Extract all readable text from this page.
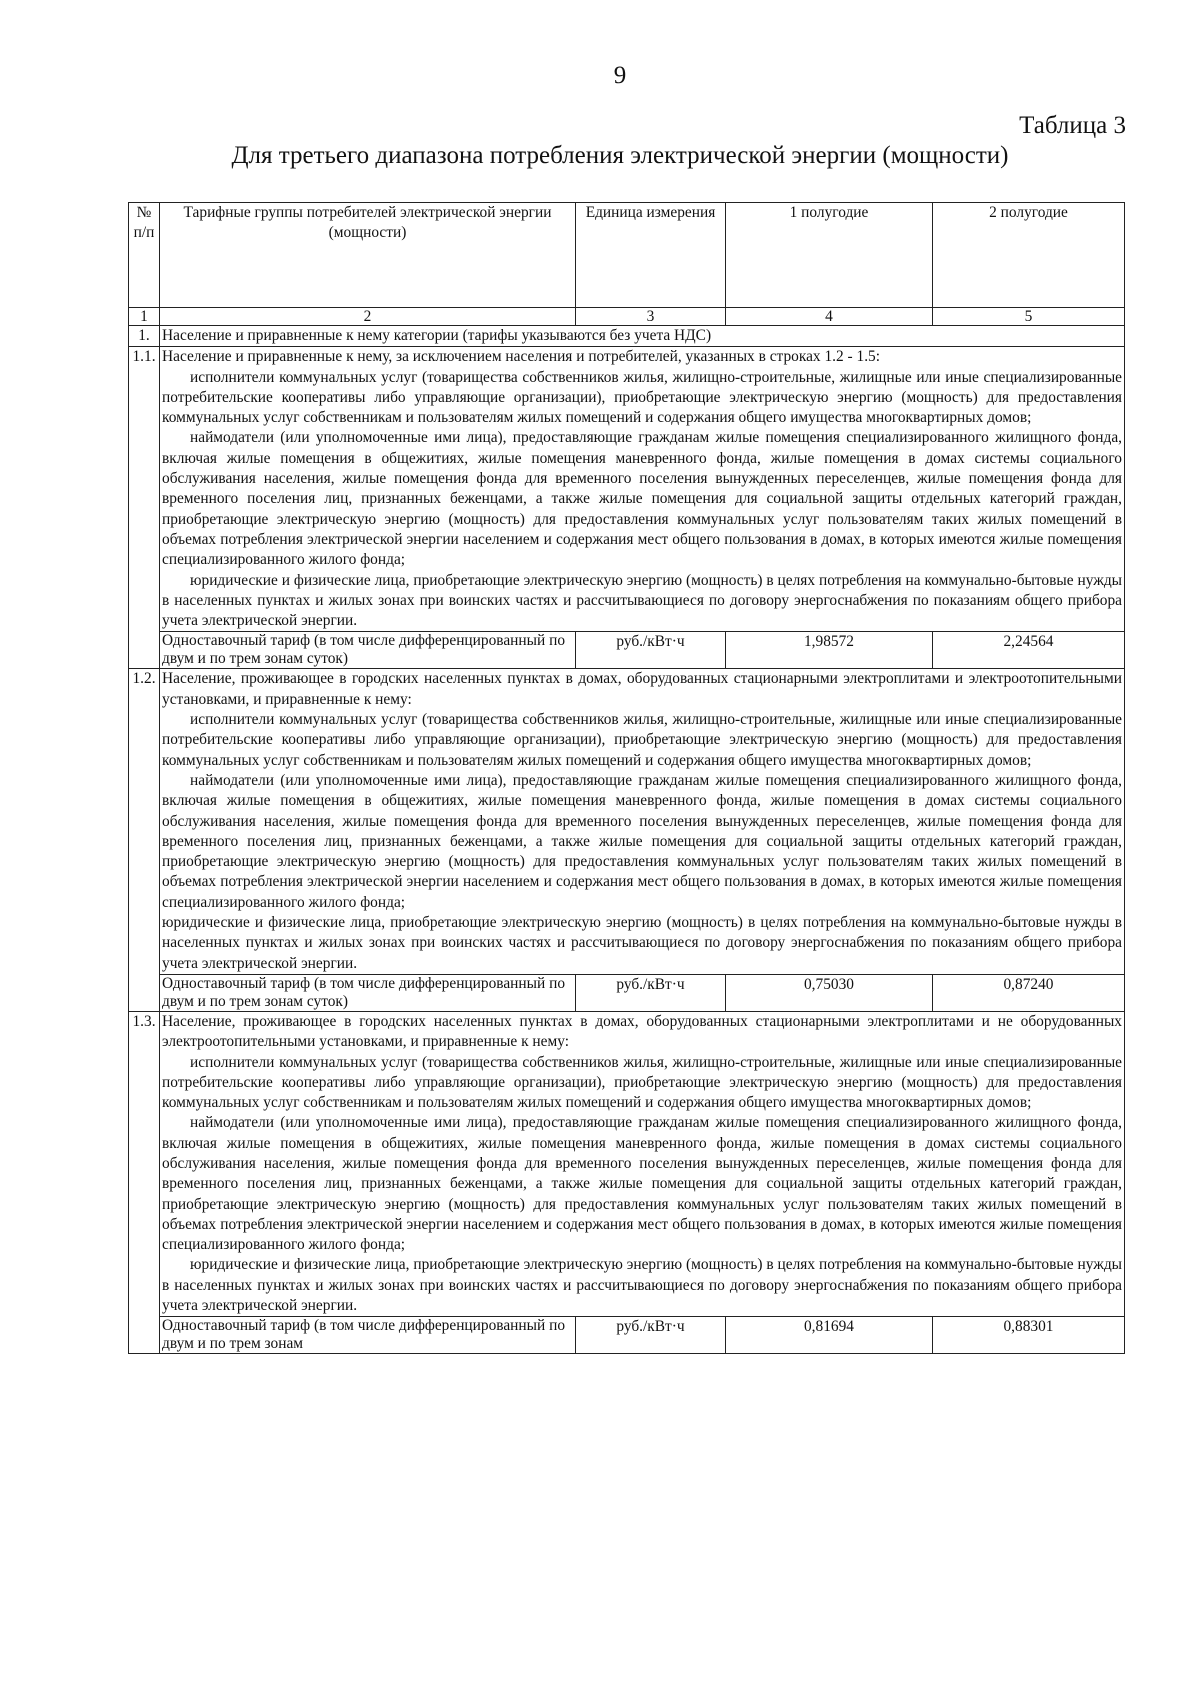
9
Таблица 3
Для третьего диапазона потребления электрической энергии (мощности)
№ п/п	Тарифные группы потребителей электрической энергии (мощности)	Единица измерения	1 полугодие	2 полугодие
1	2	3	4	5
1.	Население и приравненные к нему категории (тарифы указываются без учета НДС)			
1.1.	Население и приравненные к нему, за исключением населения и потребителей, указанных в строках 1.2 - 1.5:

исполнители коммунальных услуг (товарищества собственников жилья, жилищно-строительные, жилищные или иные специализированные потребительские кооперативы либо управляющие организации), приобретающие электрическую энергию (мощность) для предоставления коммунальных услуг собственникам и пользователям жилых помещений и содержания общего имущества многоквартирных домов;

наймодатели (или уполномоченные ими лица), предоставляющие гражданам жилые помещения специализированного жилищного фонда, включая жилые помещения в общежитиях, жилые помещения маневренного фонда, жилые помещения в домах системы социального обслуживания населения, жилые помещения фонда для временного поселения вынужденных переселенцев, жилые помещения фонда для временного поселения лиц, признанных беженцами, а также жилые помещения для социальной защиты отдельных категорий граждан, приобретающие электрическую энергию (мощность) для предоставления коммунальных услуг пользователям таких жилых помещений в объемах потребления электрической энергии населением и содержания мест общего пользования в домах, в которых имеются жилые помещения специализированного жилого фонда;

юридические и физические лица, приобретающие электрическую энергию (мощность) в целях потребления на коммунально-бытовые нужды в населенных пунктах и жилых зонах при воинских частях и рассчитывающиеся по договору энергоснабжения по показаниям общего прибора учета электрической энергии.			

	Одноставочный тариф (в том числе дифференцированный по двум и по трем зонам суток)	руб./кВт·ч	1,98572	2,24564
1.2.	Население, проживающее в городских населенных пунктах в домах, оборудованных стационарными электроплитами и электроотопительными установками, и приравненные к нему:

исполнители коммунальных услуг (товарищества собственников жилья, жилищно-строительные, жилищные или иные специализированные потребительские кооперативы либо управляющие организации), приобретающие электрическую энергию (мощность) для предоставления коммунальных услуг собственникам и пользователям жилых помещений и содержания общего имущества многоквартирных домов;

наймодатели (или уполномоченные ими лица), предоставляющие гражданам жилые помещения специализированного жилищного фонда, включая жилые помещения в общежитиях, жилые помещения маневренного фонда, жилые помещения в домах системы социального обслуживания населения, жилые помещения фонда для временного поселения вынужденных переселенцев, жилые помещения фонда для временного поселения лиц, признанных беженцами, а также жилые помещения для социальной защиты отдельных категорий граждан, приобретающие электрическую энергию (мощность) для предоставления коммунальных услуг пользователям таких жилых помещений в объемах потребления электрической энергии населением и содержания мест общего пользования в домах, в которых имеются жилые помещения специализированного жилого фонда;

юридические и физические лица, приобретающие электрическую энергию (мощность) в целях потребления на коммунально-бытовые нужды в населенных пунктах и жилых зонах при воинских частях и рассчитывающиеся по договору энергоснабжения по показаниям общего прибора учета электрической энергии.			

	Одноставочный тариф (в том числе дифференцированный по двум и по трем зонам суток)	руб./кВт·ч	0,75030	0,87240
1.3.	Население, проживающее в городских населенных пунктах в домах, оборудованных стационарными электроплитами и не оборудованных электроотопительными установками, и приравненные к нему:

исполнители коммунальных услуг (товарищества собственников жилья, жилищно-строительные, жилищные или иные специализированные потребительские кооперативы либо управляющие организации), приобретающие электрическую энергию (мощность) для предоставления коммунальных услуг собственникам и пользователям жилых помещений и содержания общего имущества многоквартирных домов;

наймодатели (или уполномоченные ими лица), предоставляющие гражданам жилые помещения специализированного жилищного фонда, включая жилые помещения в общежитиях, жилые помещения маневренного фонда, жилые помещения в домах системы социального обслуживания населения, жилые помещения фонда для временного поселения вынужденных переселенцев, жилые помещения фонда для временного поселения лиц, признанных беженцами, а также жилые помещения для социальной защиты отдельных категорий граждан, приобретающие электрическую энергию (мощность) для предоставления коммунальных услуг пользователям таких жилых помещений в объемах потребления электрической энергии населением и содержания мест общего пользования в домах, в которых имеются жилые помещения специализированного жилого фонда;

юридические и физические лица, приобретающие электрическую энергию (мощность) в целях потребления на коммунально-бытовые нужды в населенных пунктах и жилых зонах при воинских частях и рассчитывающиеся по договору энергоснабжения по показаниям общего прибора учета электрической энергии.			

	Одноставочный тариф (в том числе дифференцированный по двум и по трем зонам	руб./кВт·ч	0,81694	0,88301
